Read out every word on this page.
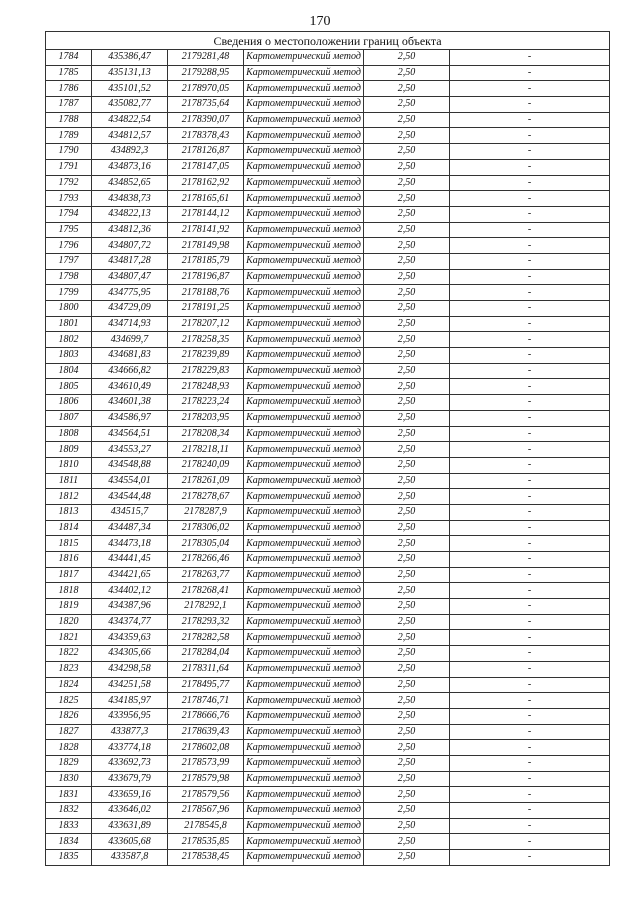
170
Сведения о местоположении границ объекта					
1784	435386,47	2179281,48	Картометрический метод	2,50	-
1785	435131,13	2179288,95	Картометрический метод	2,50	-
1786	435101,52	2178970,05	Картометрический метод	2,50	-
1787	435082,77	2178735,64	Картометрический метод	2,50	-
1788	434822,54	2178390,07	Картометрический метод	2,50	-
1789	434812,57	2178378,43	Картометрический метод	2,50	-
1790	434892,3	2178126,87	Картометрический метод	2,50	-
1791	434873,16	2178147,05	Картометрический метод	2,50	-
1792	434852,65	2178162,92	Картометрический метод	2,50	-
1793	434838,73	2178165,61	Картометрический метод	2,50	-
1794	434822,13	2178144,12	Картометрический метод	2,50	-
1795	434812,36	2178141,92	Картометрический метод	2,50	-
1796	434807,72	2178149,98	Картометрический метод	2,50	-
1797	434817,28	2178185,79	Картометрический метод	2,50	-
1798	434807,47	2178196,87	Картометрический метод	2,50	-
1799	434775,95	2178188,76	Картометрический метод	2,50	-
1800	434729,09	2178191,25	Картометрический метод	2,50	-
1801	434714,93	2178207,12	Картометрический метод	2,50	-
1802	434699,7	2178258,35	Картометрический метод	2,50	-
1803	434681,83	2178239,89	Картометрический метод	2,50	-
1804	434666,82	2178229,83	Картометрический метод	2,50	-
1805	434610,49	2178248,93	Картометрический метод	2,50	-
1806	434601,38	2178223,24	Картометрический метод	2,50	-
1807	434586,97	2178203,95	Картометрический метод	2,50	-
1808	434564,51	2178208,34	Картометрический метод	2,50	-
1809	434553,27	2178218,11	Картометрический метод	2,50	-
1810	434548,88	2178240,09	Картометрический метод	2,50	-
1811	434554,01	2178261,09	Картометрический метод	2,50	-
1812	434544,48	2178278,67	Картометрический метод	2,50	-
1813	434515,7	2178287,9	Картометрический метод	2,50	-
1814	434487,34	2178306,02	Картометрический метод	2,50	-
1815	434473,18	2178305,04	Картометрический метод	2,50	-
1816	434441,45	2178266,46	Картометрический метод	2,50	-
1817	434421,65	2178263,77	Картометрический метод	2,50	-
1818	434402,12	2178268,41	Картометрический метод	2,50	-
1819	434387,96	2178292,1	Картометрический метод	2,50	-
1820	434374,77	2178293,32	Картометрический метод	2,50	-
1821	434359,63	2178282,58	Картометрический метод	2,50	-
1822	434305,66	2178284,04	Картометрический метод	2,50	-
1823	434298,58	2178311,64	Картометрический метод	2,50	-
1824	434251,58	2178495,77	Картометрический метод	2,50	-
1825	434185,97	2178746,71	Картометрический метод	2,50	-
1826	433956,95	2178666,76	Картометрический метод	2,50	-
1827	433877,3	2178639,43	Картометрический метод	2,50	-
1828	433774,18	2178602,08	Картометрический метод	2,50	-
1829	433692,73	2178573,99	Картометрический метод	2,50	-
1830	433679,79	2178579,98	Картометрический метод	2,50	-
1831	433659,16	2178579,56	Картометрический метод	2,50	-
1832	433646,02	2178567,96	Картометрический метод	2,50	-
1833	433631,89	2178545,8	Картометрический метод	2,50	-
1834	433605,68	2178535,85	Картометрический метод	2,50	-
1835	433587,8	2178538,45	Картометрический метод	2,50	-
